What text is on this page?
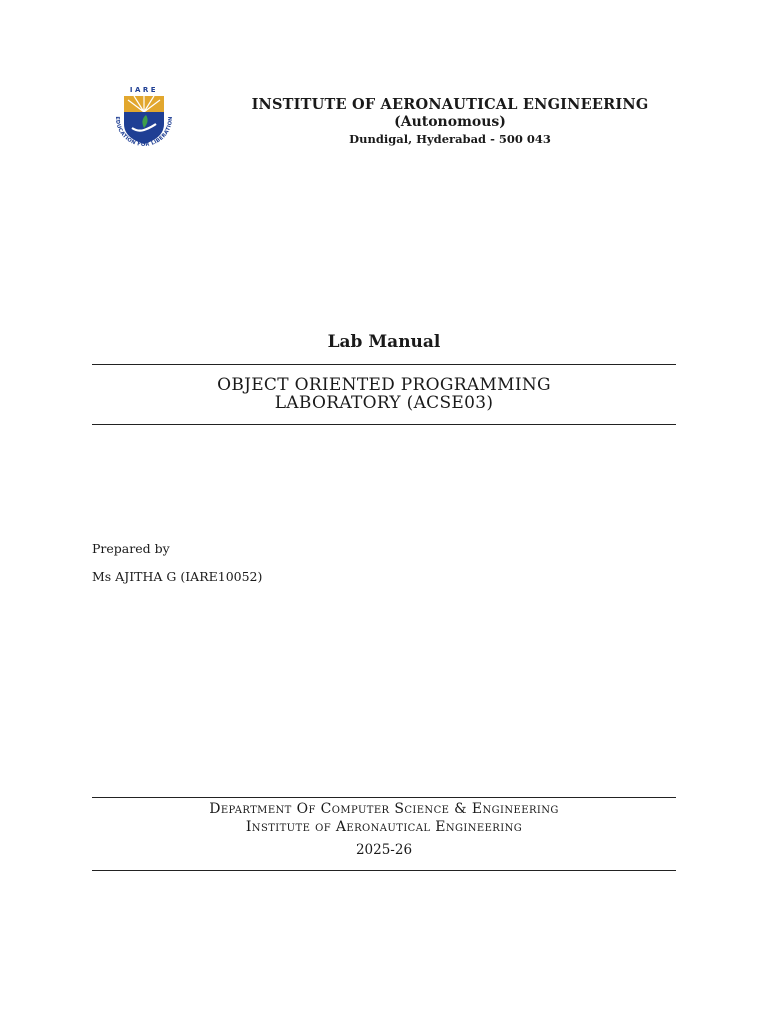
IARE
EDUCATION FOR LIBERATION
INSTITUTE OF AERONAUTICAL ENGINEERING
(Autonomous)
Dundigal, Hyderabad - 500 043
Lab Manual
OBJECT ORIENTED PROGRAMMING
LABORATORY (ACSE03)
Prepared by
Ms AJITHA G (IARE10052)
Department Of Computer Science & Engineering
Institute of Aeronautical Engineering
2025-26
